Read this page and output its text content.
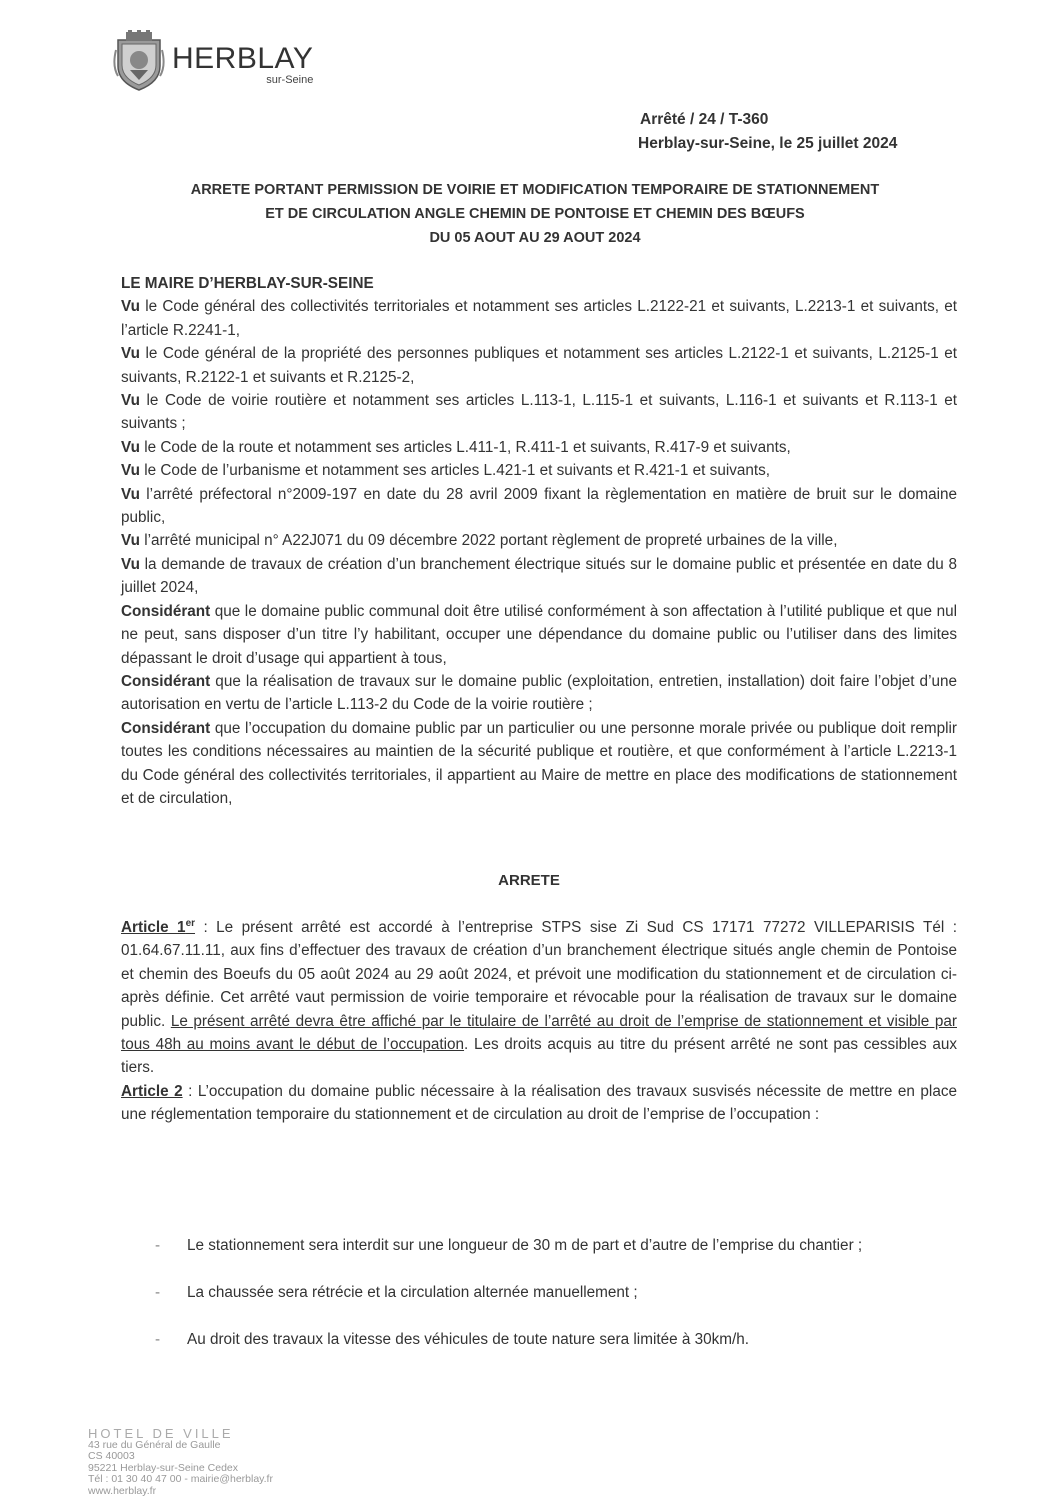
HERBLAY
sur-Seine
Arrêté / 24 / T-360
Herblay-sur-Seine, le 25 juillet 2024
ARRETE PORTANT PERMISSION DE VOIRIE ET MODIFICATION TEMPORAIRE DE STATIONNEMENT
ET DE CIRCULATION ANGLE CHEMIN DE PONTOISE ET CHEMIN DES BŒUFS
DU 05 AOUT AU 29 AOUT 2024

LE MAIRE D’HERBLAY-SUR-SEINE

Vu le Code général des collectivités territoriales et notamment ses articles L.2122-21 et suivants, L.2213-1 et suivants, et l’article R.2241-1,

Vu le Code général de la propriété des personnes publiques et notamment ses articles L.2122-1 et suivants, L.2125-1 et suivants, R.2122-1 et suivants et R.2125-2,

Vu le Code de voirie routière et notamment ses articles L.113-1, L.115-1 et suivants, L.116-1 et suivants et R.113-1 et suivants ;

Vu le Code de la route et notamment ses articles L.411-1, R.411-1 et suivants, R.417-9 et suivants,

Vu le Code de l’urbanisme et notamment ses articles L.421-1 et suivants et R.421-1 et suivants,

Vu l’arrêté préfectoral n°2009-197 en date du 28 avril 2009 fixant la règlementation en matière de bruit sur le domaine public,

Vu l’arrêté municipal n° A22J071 du 09 décembre 2022 portant règlement de propreté urbaines de la ville,

Vu la demande de travaux de création d’un branchement électrique situés sur le domaine public et présentée en date du 8 juillet 2024,

Considérant que le domaine public communal doit être utilisé conformément à son affectation à l’utilité publique et que nul ne peut, sans disposer d’un titre l’y habilitant, occuper une dépendance du domaine public ou l’utiliser dans des limites dépassant le droit d’usage qui appartient à tous,

Considérant que la réalisation de travaux sur le domaine public (exploitation, entretien, installation) doit faire l’objet d’une autorisation en vertu de l’article L.113-2 du Code de la voirie routière ;

Considérant que l’occupation du domaine public par un particulier ou une personne morale privée ou publique doit remplir toutes les conditions nécessaires au maintien de la sécurité publique et routière, et que conformément à l’article L.2213-1 du Code général des collectivités territoriales, il appartient au Maire de mettre en place des modifications de stationnement et de circulation,

ARRETE

Article 1er : Le présent arrêté est accordé à l’entreprise STPS sise Zi Sud CS 17171 77272 VILLEPARISIS Tél : 01.64.67.11.11, aux fins d’effectuer des travaux de création d’un branchement électrique situés angle chemin de Pontoise et chemin des Boeufs du 05 août 2024 au 29 août 2024, et prévoit une modification du stationnement et de circulation ci-après définie. Cet arrêté vaut permission de voirie temporaire et révocable pour la réalisation de travaux sur le domaine public. Le présent arrêté devra être affiché par le titulaire de l’arrêté au droit de l’emprise de stationnement et visible par tous 48h au moins avant le début de l’occupation. Les droits acquis au titre du présent arrêté ne sont pas cessibles aux tiers.

Article 2 : L’occupation du domaine public nécessaire à la réalisation des travaux susvisés nécessite de mettre en place une réglementation temporaire du stationnement et de circulation au droit de l’emprise de l’occupation :

-	Le stationnement sera interdit sur une longueur de 30 m de part et d’autre de l’emprise du chantier ;
-	La chaussée sera rétrécie et la circulation alternée manuellement ;
-	Au droit des travaux la vitesse des véhicules de toute nature sera limitée à 30km/h.
HOTEL DE VILLE
43 rue du Général de Gaulle
CS 40003
95221 Herblay-sur-Seine Cedex
Tél : 01 30 40 47 00 - mairie@herblay.fr
www.herblay.fr
